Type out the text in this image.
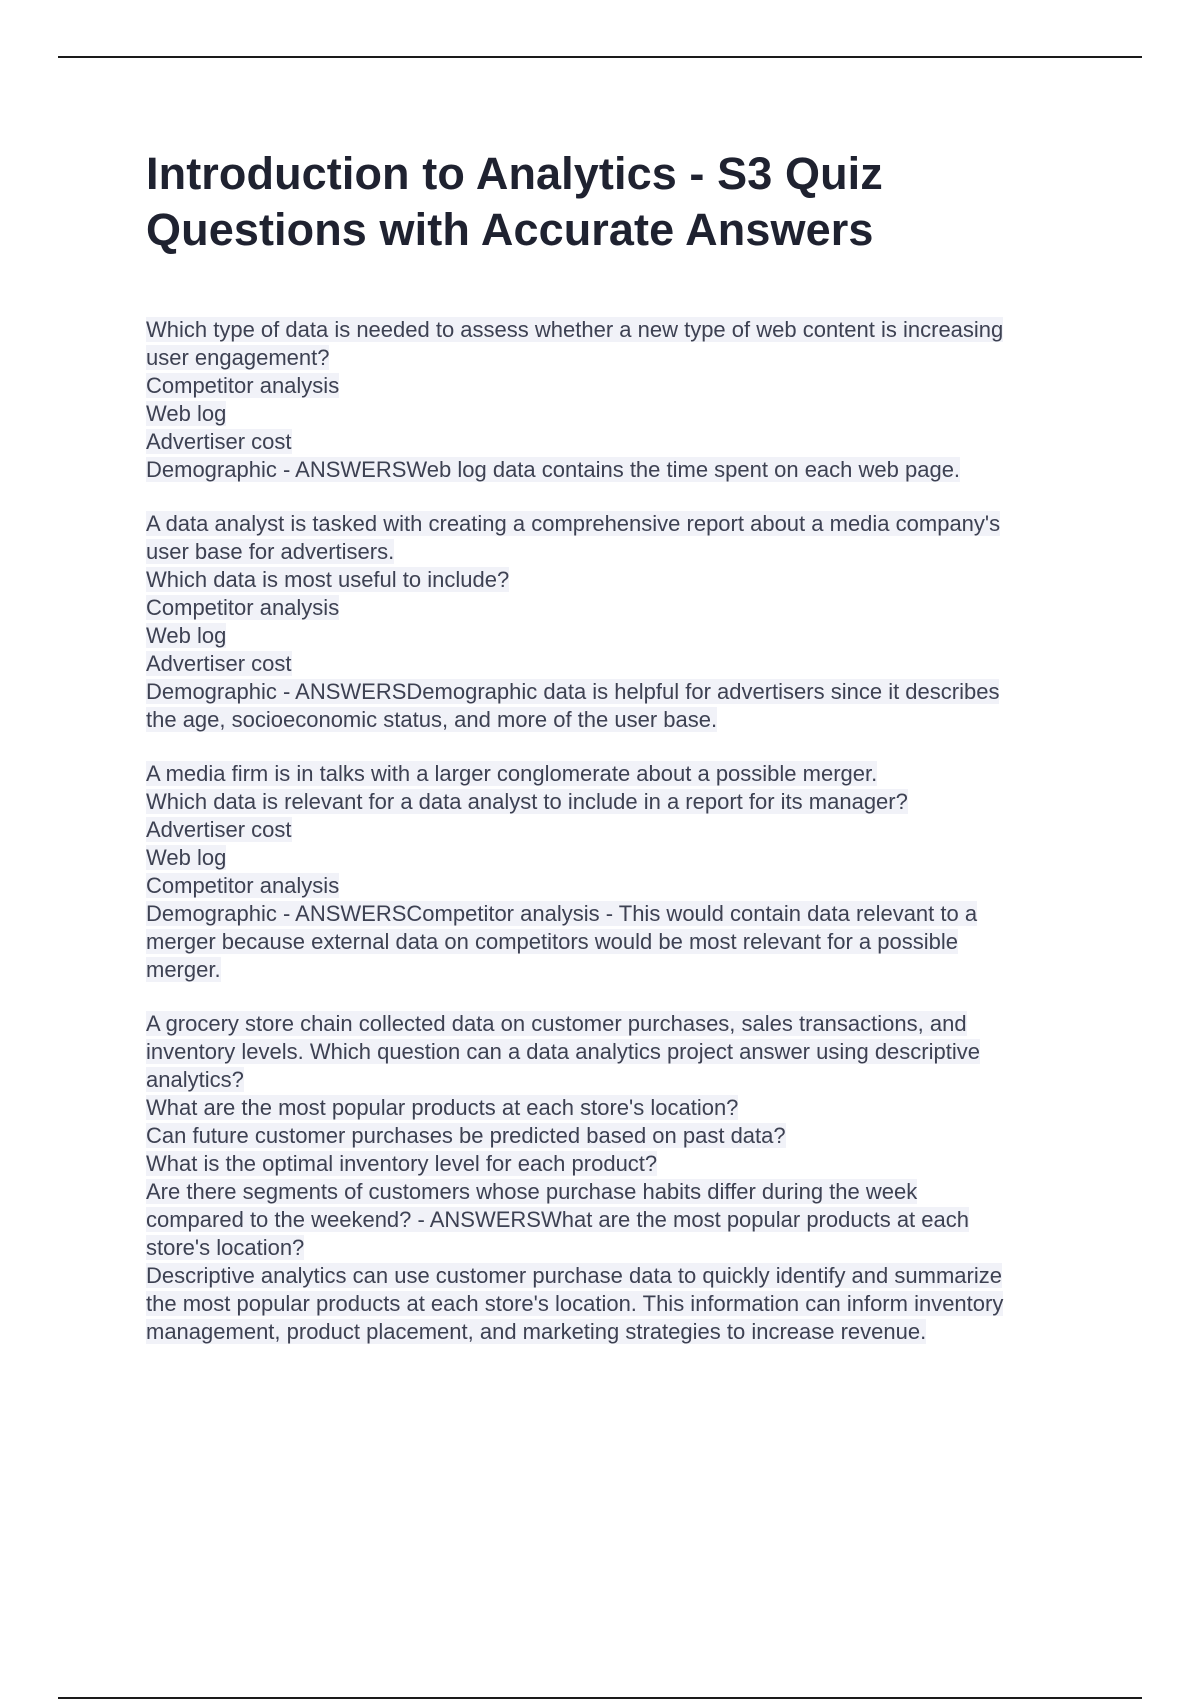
Introduction to Analytics - S3 Quiz
Questions with Accurate Answers
Which type of data is needed to assess whether a new type of web content is increasing
user engagement?
Competitor analysis
Web log
Advertiser cost
Demographic - ANSWERSWeb log data contains the time spent on each web page.
A data analyst is tasked with creating a comprehensive report about a media company's
user base for advertisers.
Which data is most useful to include?
Competitor analysis
Web log
Advertiser cost
Demographic - ANSWERSDemographic data is helpful for advertisers since it describes
the age, socioeconomic status, and more of the user base.
A media firm is in talks with a larger conglomerate about a possible merger.
Which data is relevant for a data analyst to include in a report for its manager?
Advertiser cost
Web log
Competitor analysis
Demographic - ANSWERSCompetitor analysis - This would contain data relevant to a
merger because external data on competitors would be most relevant for a possible
merger.
A grocery store chain collected data on customer purchases, sales transactions, and
inventory levels. Which question can a data analytics project answer using descriptive
analytics?
What are the most popular products at each store's location?
Can future customer purchases be predicted based on past data?
What is the optimal inventory level for each product?
Are there segments of customers whose purchase habits differ during the week
compared to the weekend? - ANSWERSWhat are the most popular products at each
store's location?
Descriptive analytics can use customer purchase data to quickly identify and summarize
the most popular products at each store's location. This information can inform inventory
management, product placement, and marketing strategies to increase revenue.
